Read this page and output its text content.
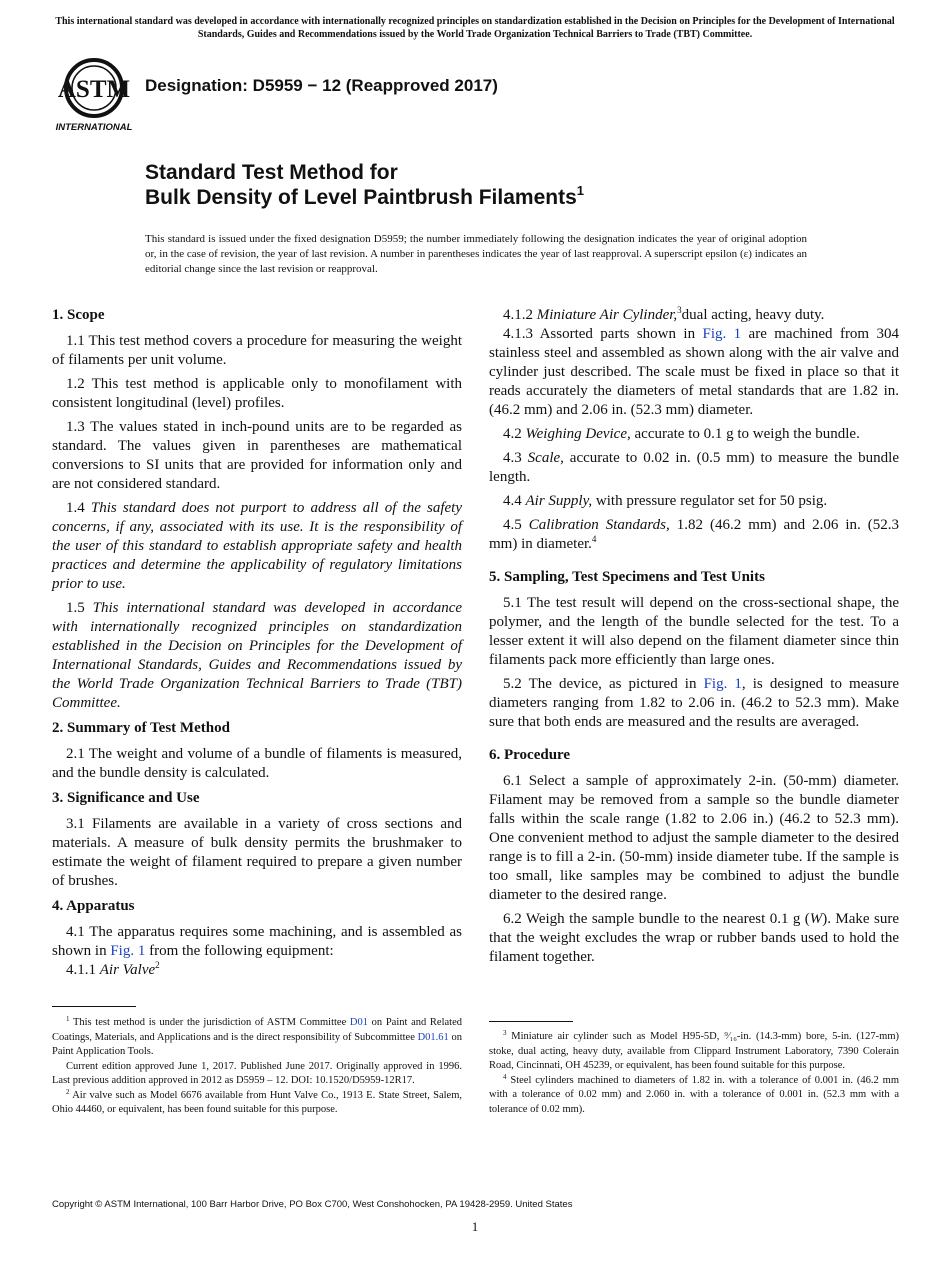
This international standard was developed in accordance with internationally recognized principles on standardization established in the Decision on Principles for the Development of International Standards, Guides and Recommendations issued by the World Trade Organization Technical Barriers to Trade (TBT) Committee.
ASTM
INTERNATIONAL
Designation: D5959 − 12 (Reapproved 2017)
Standard Test Method for
Bulk Density of Level Paintbrush Filaments$^1$
This standard is issued under the fixed designation D5959; the number immediately following the designation indicates the year of original adoption or, in the case of revision, the year of last revision. A number in parentheses indicates the year of last reapproval. A superscript epsilon (ε) indicates an editorial change since the last revision or reapproval.
1. Scope

1.1 This test method covers a procedure for measuring the weight of filaments per unit volume.

1.2 This test method is applicable only to monofilament with consistent longitudinal (level) profiles.

1.3 The values stated in inch-pound units are to be regarded as standard. The values given in parentheses are mathematical conversions to SI units that are provided for information only and are not considered standard.

1.4 This standard does not purport to address all of the safety concerns, if any, associated with its use. It is the responsibility of the user of this standard to establish appropriate safety and health practices and determine the applicability of regulatory limitations prior to use.

1.5 This international standard was developed in accordance with internationally recognized principles on standardization established in the Decision on Principles for the Development of International Standards, Guides and Recommendations issued by the World Trade Organization Technical Barriers to Trade (TBT) Committee.

2. Summary of Test Method

2.1 The weight and volume of a bundle of filaments is measured, and the bundle density is calculated.

3. Significance and Use

3.1 Filaments are available in a variety of cross sections and materials. A measure of bulk density permits the brushmaker to estimate the weight of filament required to prepare a given number of brushes.

4. Apparatus

4.1 The apparatus requires some machining, and is assembled as shown in Fig. 1 from the following equipment:

4.1.1 Air Valve$^2$

4.1.2 Miniature Air Cylinder,$^3$dual acting, heavy duty.

4.1.3 Assorted parts shown in Fig. 1 are machined from 304 stainless steel and assembled as shown along with the air valve and cylinder just described. The scale must be fixed in place so that it reads accurately the diameters of metal standards that are 1.82 in. (46.2 mm) and 2.06 in. (52.3 mm) diameter.

4.2 Weighing Device, accurate to 0.1 g to weigh the bundle.

4.3 Scale, accurate to 0.02 in. (0.5 mm) to measure the bundle length.

4.4 Air Supply, with pressure regulator set for 50 psig.

4.5 Calibration Standards, 1.82 (46.2 mm) and 2.06 in. (52.3 mm) in diameter.$^4$

5. Sampling, Test Specimens and Test Units

5.1 The test result will depend on the cross-sectional shape, the polymer, and the length of the bundle selected for the test. To a lesser extent it will also depend on the filament diameter since thin filaments pack more efficiently than large ones.

5.2 The device, as pictured in Fig. 1, is designed to measure diameters ranging from 1.82 to 2.06 in. (46.2 to 52.3 mm). Make sure that both ends are measured and the results are averaged.

6. Procedure

6.1 Select a sample of approximately 2-in. (50-mm) diameter. Filament may be removed from a sample so the bundle diameter falls within the scale range (1.82 to 2.06 in.) (46.2 to 52.3 mm). One convenient method to adjust the sample diameter to the desired range is to fill a 2-in. (50-mm) inside diameter tube. If the sample is too small, like samples may be combined to adjust the bundle diameter to the desired range.

6.2 Weigh the sample bundle to the nearest 0.1 g (W). Make sure that the weight excludes the wrap or rubber bands used to hold the filament together.

$^1$ This test method is under the jurisdiction of ASTM Committee D01 on Paint and Related Coatings, Materials, and Applications and is the direct responsibility of Subcommittee D01.61 on Paint Application Tools.

Current edition approved June 1, 2017. Published June 2017. Originally approved in 1996. Last previous addition approved in 2012 as D5959 – 12. DOI: 10.1520/D5959-12R17.

$^2$ Air valve such as Model 6676 available from Hunt Valve Co., 1913 E. State Street, Salem, Ohio 44460, or equivalent, has been found suitable for this purpose.

$^3$ Miniature air cylinder such as Model H95-5D, ⁹⁄₁₆-in. (14.3-mm) bore, 5-in. (127-mm) stoke, dual acting, heavy duty, available from Clippard Instrument Laboratory, 7390 Colerain Road, Cincinnati, OH 45239, or equivalent, has been found suitable for this purpose.

$^4$ Steel cylinders machined to diameters of 1.82 in. with a tolerance of 0.001 in. (46.2 mm with a tolerance of 0.02 mm) and 2.060 in. with a tolerance of 0.001 in. (52.3 mm with a tolerance of 0.02 mm).

Copyright © ASTM International, 100 Barr Harbor Drive, PO Box C700, West Conshohocken, PA 19428-2959. United States
1
